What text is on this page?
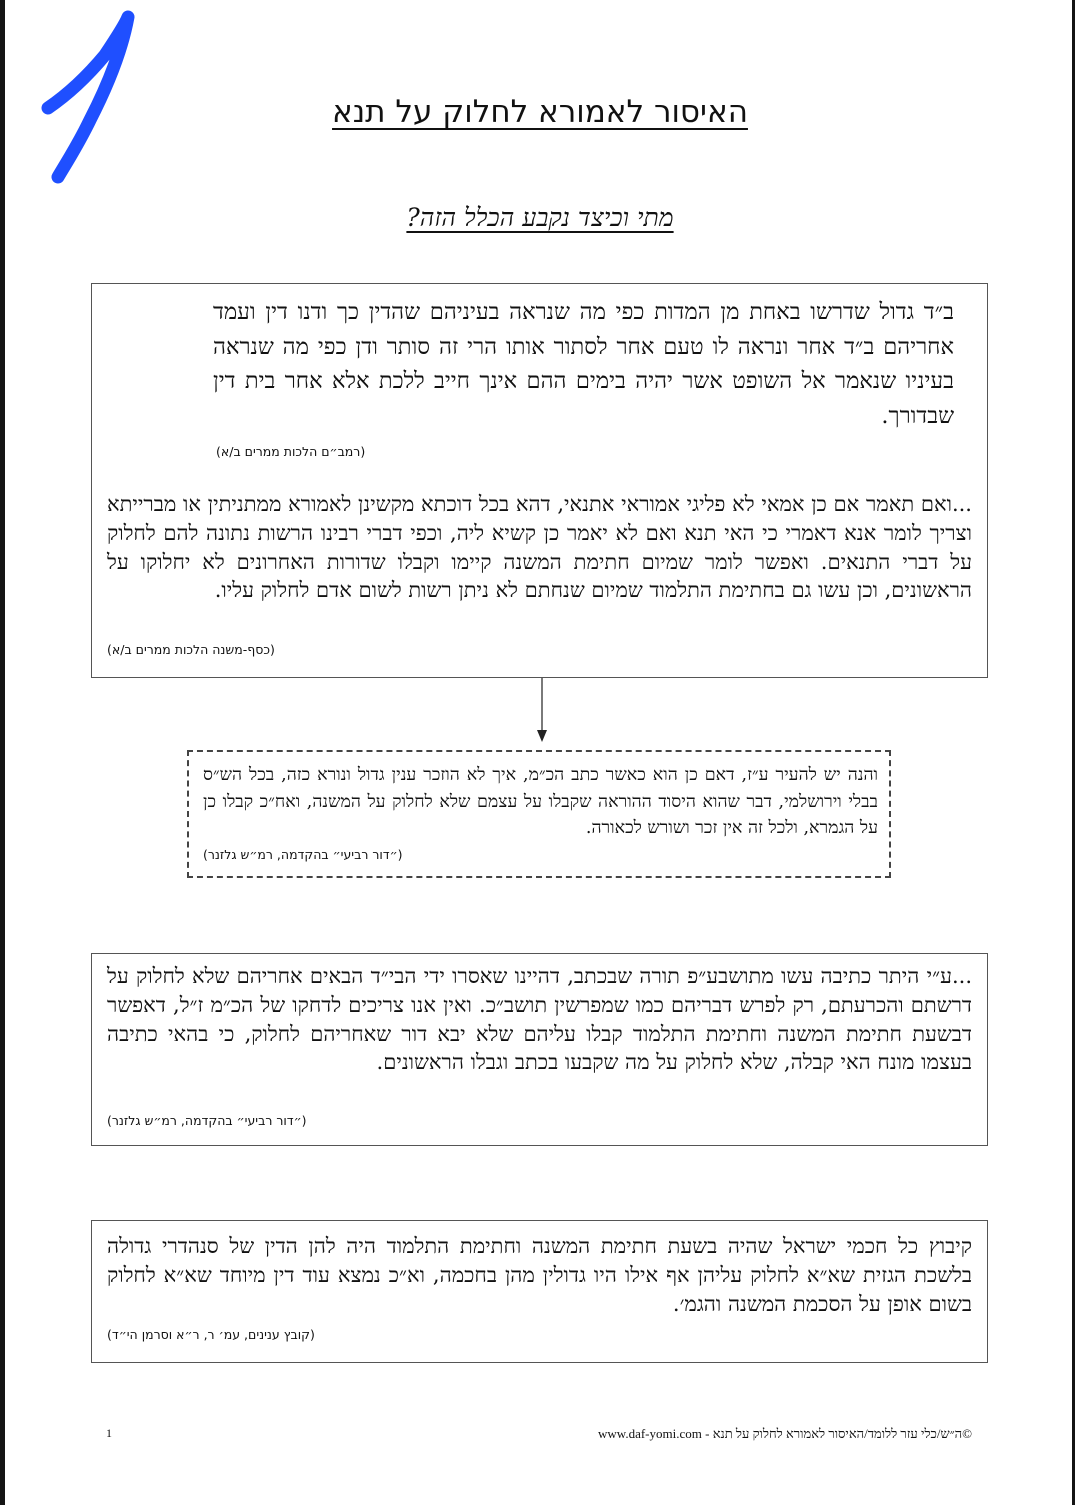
האיסור לאמורא לחלוק על תנא
מתי וכיצד נקבע הכלל הזה?
ב״ד גדול שדרשו באחת מן המדות כפי מה שנראה בעיניהם שהדין כך ודנו דין ועמד אחריהם ב״ד אחר ונראה לו טעם אחר לסתור אותו הרי זה סותר ודן כפי מה שנראה בעיניו שנאמר אל השופט אשר יהיה בימים ההם אינך חייב ללכת אלא אחר בית דין שבדורך.
(רמב״ם הלכות ממרים ב/א)
...ואם תאמר אם כן אמאי לא פליגי אמוראי אתנאי, דהא בכל דוכתא מקשינן לאמורא ממתניתין או מברייתא וצריך לומר אנא דאמרי כי האי תנא ואם לא יאמר כן קשיא ליה, וכפי דברי רבינו הרשות נתונה להם לחלוק על דברי התנאים. ואפשר לומר שמיום חתימת המשנה קיימו וקבלו שדורות האחרונים לא יחלוקו על הראשונים, וכן עשו גם בחתימת התלמוד שמיום שנחתם לא ניתן רשות לשום אדם לחלוק עליו.
(כסף-משנה הלכות ממרים ב/א)
והנה יש להעיר ע״ז, דאם כן הוא כאשר כתב הכ״מ, איך לא הוזכר ענין גדול ונורא כזה, בכל הש״ס בבלי וירושלמי, דבר שהוא היסוד ההוראה שקבלו על עצמם שלא לחלוק על המשנה, ואח״כ קבלו כן על הגמרא, ולכל זה אין זכר ושורש לכאורה.
(״דור רביעי״ בהקדמה, רמ״ש גלזנר)
...ע״י היתר כתיבה עשו מתושבע״פ תורה שבכתב, דהיינו שאסרו ידי הבי״ד הבאים אחריהם שלא לחלוק על דרשתם והכרעתם, רק לפרש דבריהם כמו שמפרשין תושב״כ. ואין אנו צריכים לדחקו של הכ״מ ז״ל, דאפשר דבשעת חתימת המשנה וחתימת התלמוד קבלו עליהם שלא יבא דור שאחריהם לחלוק, כי בהאי כתיבה בעצמו מונח האי קבלה, שלא לחלוק על מה שקבעו בכתב וגבלו הראשונים.
(״דור רביעי״ בהקדמה, רמ״ש גלזנר)
קיבוץ כל חכמי ישראל שהיה בשעת חתימת המשנה וחתימת התלמוד היה להן הדין של סנהדרי גדולה בלשכת הגזית שא״א לחלוק עליהן אף אילו היו גדולין מהן בחכמה, וא״כ נמצא עוד דין מיוחד שא״א לחלוק בשום אופן על הסכמת המשנה והגמ׳.
(קובץ ענינים, עמ׳ ר, ר״א וסרמן הי״ד)
1	©ה״ש/כלי עזר ללומד/האיסור לאמורא לחלוק על תנא - www.daf-yomi.com
